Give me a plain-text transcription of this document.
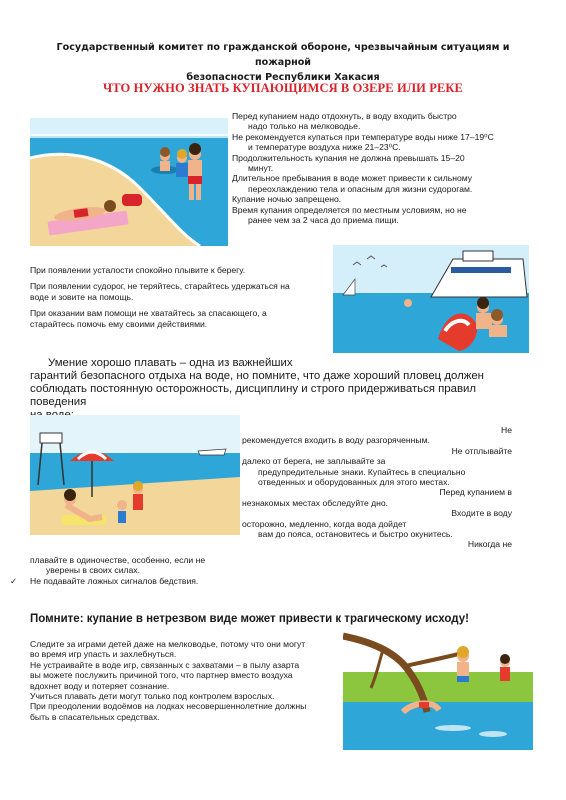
Государственный комитет по гражданской обороне, чрезвычайным ситуациям и пожарной
безопасности Республики Хакасия
ЧТО НУЖНО ЗНАТЬ КУПАЮЩИМСЯ В ОЗЕРЕ ИЛИ РЕКЕ

Перед купанием надо отдохнуть, в воду входить быстро

надо только на мелководье.

Не рекомендуется купаться при температуре воды ниже 17–19⁰С

и температуре воздуха ниже 21–23⁰С.

Продолжительность купания не должна превышать 15–20

минут.

Длительное пребывания в воде может привести к сильному

переохлаждению тела и опасным для жизни судорогам.

Купание ночью запрещено.

Время купания определяется по местным условиям, но не

ранее чем за 2 часа до приема пищи.

При появлении усталости спокойно плывите к берегу.

При появлении судорог, не теряйтесь, старайтесь удержаться на

воде и зовите на помощь.

При оказании вам помощи не хватайтесь за спасающего, а

старайтесь помочь ему своими действиями.

Умение хорошо плавать – одна из важнейших

гарантий безопасного отдыха на воде, но помните, что даже хороший пловец должен

соблюдать постоянную осторожность, дисциплину и строго придерживаться правил поведения

Не

рекомендуется входить в воду разгоряченным.

Не отплывайте

далеко от берега, не заплывайте за

предупредительные знаки. Купайтесь в специально

отведенных и оборудованных для этого местах.

Перед купанием в

незнакомых местах обследуйте дно.

Входите в воду

осторожно, медленно, когда вода дойдет

вам до пояса, остановитесь и быстро окунитесь.

Никогда не

плавайте в одиночестве, особенно, если не

уверены в своих силах.

✓ Не подавайте ложных сигналов бедствия.

Помните: купание в нетрезвом виде может привести к трагическому исходу!

Следите за играми детей даже на мелководье, потому что они могут

во время игр упасть и захлебнуться.

Не устраивайте в воде игр, связанных с захватами – в пылу азарта

вы можете послужить причиной того, что партнер вместо воздуха

вдохнет воду и потеряет сознание.

Учиться плавать дети могут только под контролем взрослых.

При преодолении водоёмов на лодках несовершеннолетние должны

быть в спасательных средствах.
